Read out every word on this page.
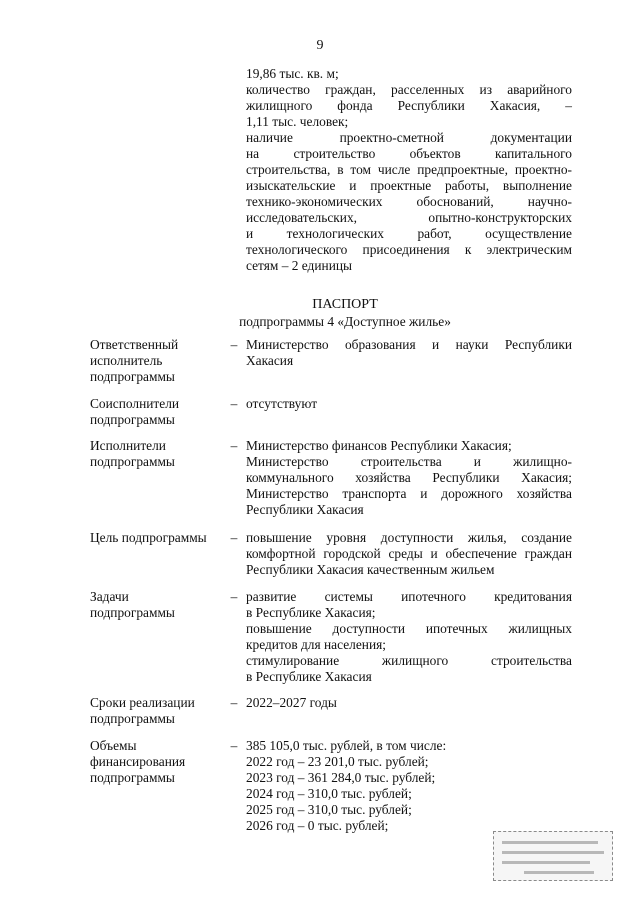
9
19,86 тыс. кв. м;
количество граждан, расселенных из аварийного
жилищного фонда Республики Хакасия, –
1,11 тыс. человек;
наличие проектно-сметной документации
на строительство объектов капитального
строительства, в том числе предпроектные, проектно-
изыскательские и проектные работы, выполнение
технико-экономических обоснований, научно-
исследовательских, опытно-конструкторских
и технологических работ, осуществление
технологического присоединения к электрическим
сетям – 2 единицы
ПАСПОРТ
подпрограммы 4 «Доступное жилье»
Ответственный
исполнитель
подпрограммы
– Министерство образования и науки Республики
Хакасия
Соисполнители
подпрограммы
– отсутствуют
Исполнители
подпрограммы
– Министерство финансов Республики Хакасия;
Министерство строительства и жилищно-
коммунального хозяйства Республики Хакасия;
Министерство транспорта и дорожного хозяйства
Республики Хакасия
Цель подпрограммы	– повышение уровня доступности жилья, создание
комфортной городской среды и обеспечение граждан
Республики Хакасия качественным жильем
Задачи
подпрограммы
– развитие системы ипотечного кредитования
в Республике Хакасия;
повышение доступности ипотечных жилищных
кредитов для населения;
стимулирование жилищного строительства
в Республике Хакасия
Сроки реализации
подпрограммы
– 2022–2027 годы
Объемы
финансирования
подпрограммы
– 385 105,0 тыс. рублей, в том числе:
2022 год – 23 201,0 тыс. рублей;
2023 год – 361 284,0 тыс. рублей;
2024 год – 310,0 тыс. рублей;
2025 год – 310,0 тыс. рублей;
2026 год – 0 тыс. рублей;
